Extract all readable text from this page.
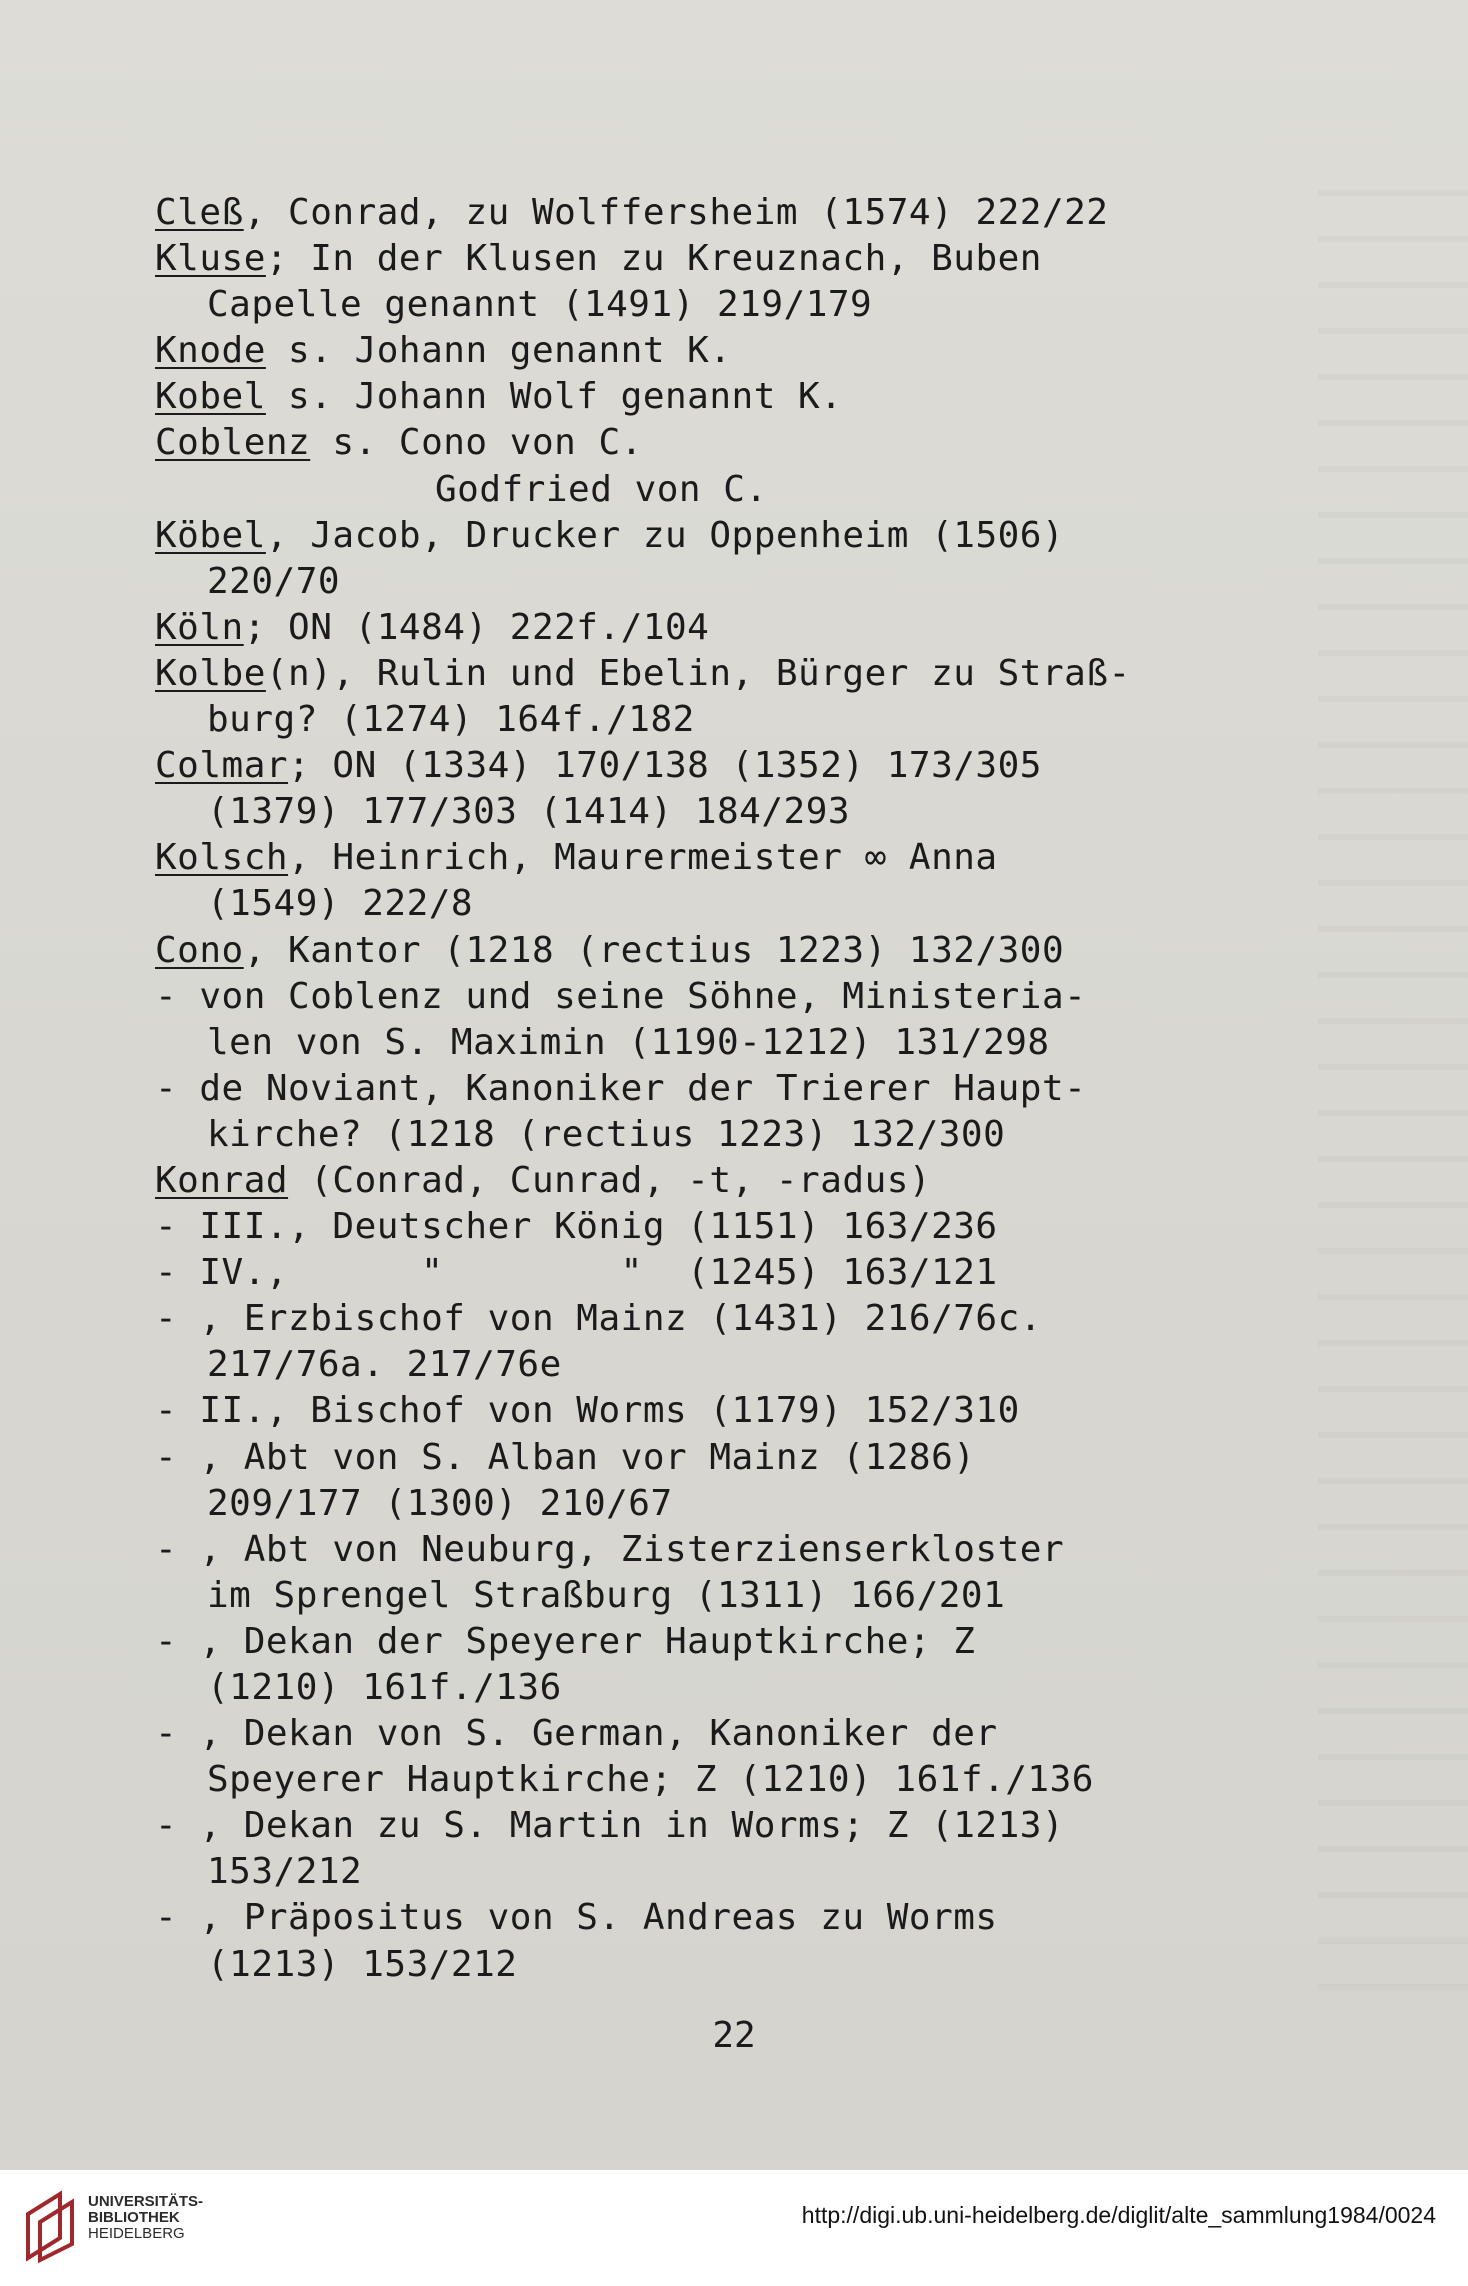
Cleß, Conrad, zu Wolffersheim (1574) 222/22
Kluse; In der Klusen zu Kreuznach, Buben
Capelle genannt (1491) 219/179
Knode s. Johann genannt K.
Kobel s. Johann Wolf genannt K.
Coblenz s. Cono von C.
Godfried von C.
Köbel, Jacob, Drucker zu Oppenheim (1506)
220/70
Köln; ON (1484) 222f./104
Kolbe(n), Rulin und Ebelin, Bürger zu Straß-
burg? (1274) 164f./182
Colmar; ON (1334) 170/138 (1352) 173/305
(1379) 177/303 (1414) 184/293
Kolsch, Heinrich, Maurermeister ∞ Anna
(1549) 222/8
Cono, Kantor (1218 (rectius 1223) 132/300
- von Coblenz und seine Söhne, Ministeria-
len von S. Maximin (1190-1212) 131/298
- de Noviant, Kanoniker der Trierer Haupt-
kirche? (1218 (rectius 1223) 132/300
Konrad (Conrad, Cunrad, -t, -radus)
- III., Deutscher König (1151) 163/236
- IV.,      "        "  (1245) 163/121
- , Erzbischof von Mainz (1431) 216/76c.
217/76a. 217/76e
- II., Bischof von Worms (1179) 152/310
- , Abt von S. Alban vor Mainz (1286)
209/177 (1300) 210/67
- , Abt von Neuburg, Zisterzienserkloster
im Sprengel Straßburg (1311) 166/201
- , Dekan der Speyerer Hauptkirche; Z
(1210) 161f./136
- , Dekan von S. German, Kanoniker der
Speyerer Hauptkirche; Z (1210) 161f./136
- , Dekan zu S. Martin in Worms; Z (1213)
153/212
- , Präpositus von S. Andreas zu Worms
(1213) 153/212
22
UNIVERSITÄTS-
BIBLIOTHEK
HEIDELBERG
http://digi.ub.uni-heidelberg.de/diglit/alte_sammlung1984/0024
